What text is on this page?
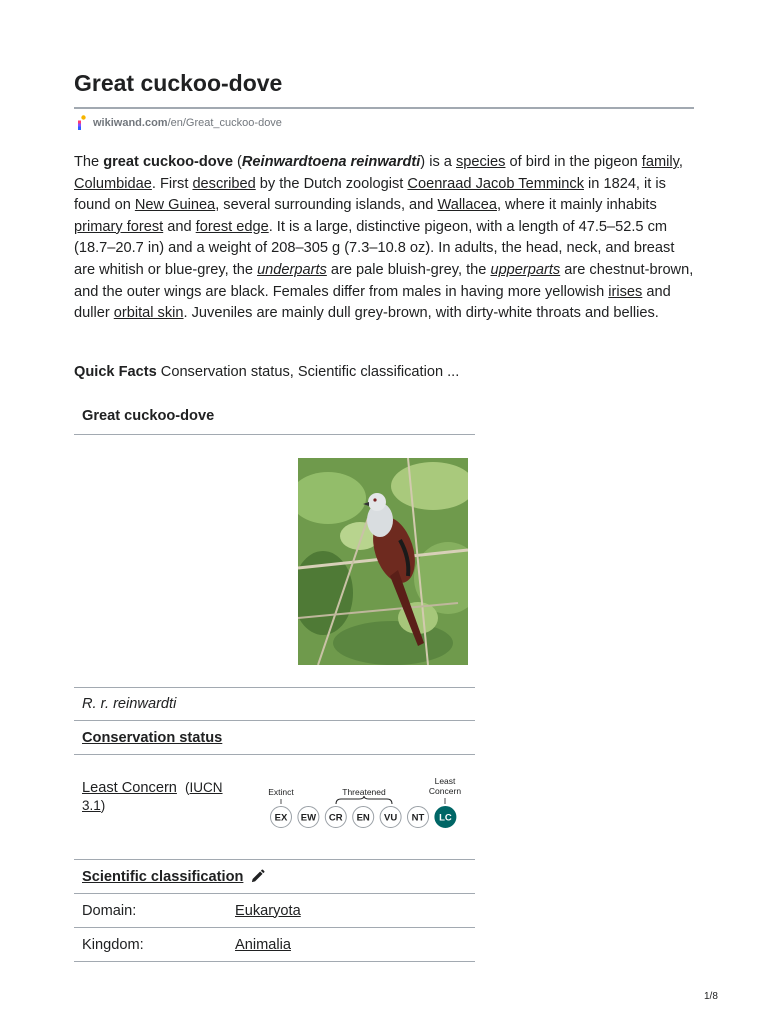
Great cuckoo-dove
wikiwand.com /en/Great_cuckoo-dove

The great cuckoo-dove (Reinwardtoena reinwardti) is a species of bird in the pigeon family, Columbidae. First described by the Dutch zoologist Coenraad Jacob Temminck in 1824, it is found on New Guinea, several surrounding islands, and Wallacea, where it mainly inhabits primary forest and forest edge. It is a large, distinctive pigeon, with a length of 47.5–52.5 cm (18.7–20.7 in) and a weight of 208–305 g (7.3–10.8 oz). In adults, the head, neck, and breast are whitish or blue-grey, the underparts are pale bluish-grey, the upperparts are chestnut-brown, and the outer wings are black. Females differ from males in having more yellowish irises and duller orbital skin. Juveniles are mainly dull grey-brown, with dirty-white throats and bellies.

Quick Facts Conservation status, Scientific classification ...

Great cuckoo-dove
R. r. reinwardti
Conservation status
Least Concern (IUCN 3.1)
Extinct	Threatened
Least
Concern
EX EW CR EN VU NT LC
Scientific classification
Domain:	Eukaryota
Kingdom:	Animalia
1/8
